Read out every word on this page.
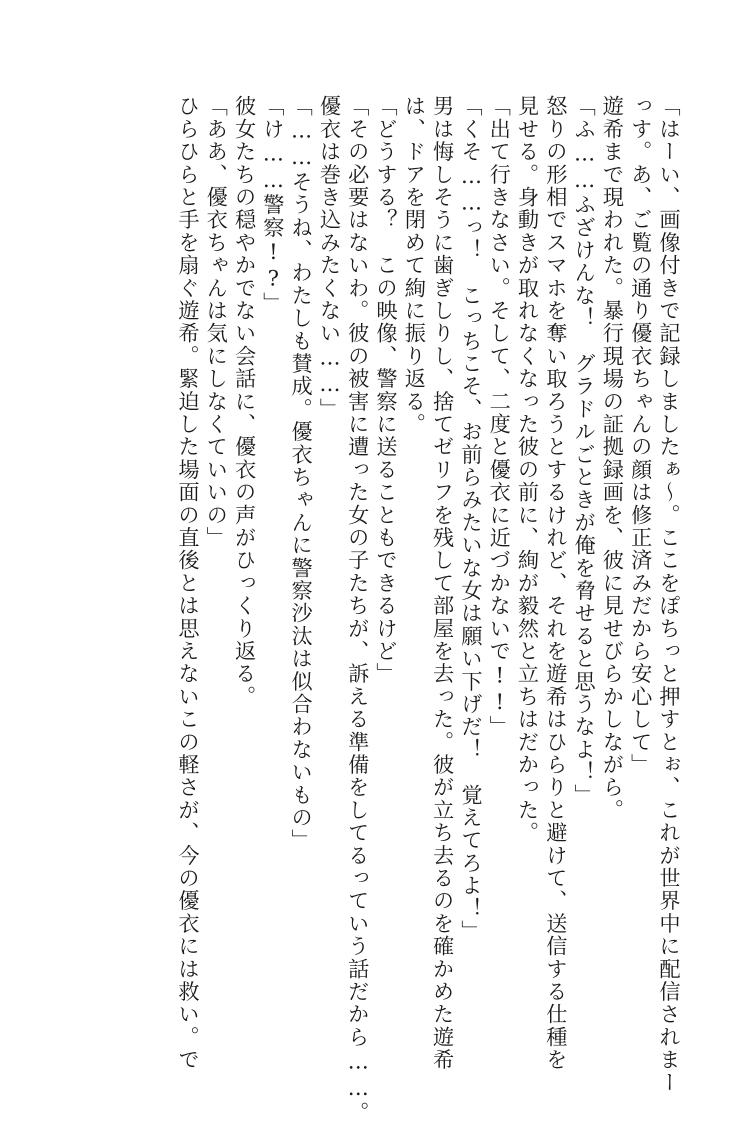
「はーい、画像付きで記録しましたぁ〜。ここをぽちっと押すとぉ、これが世界中に配信されまー
っす。あ、ご覧の通り優衣ちゃんの顔は修正済みだから安心して」
遊希まで現われた。暴行現場の証拠録画を、彼に見せびらかしながら。
「ふ……ふざけんな！　グラドルごときが俺を脅せると思うなよ！」
怒りの形相でスマホを奪い取ろうとするけれど、それを遊希はひらりと避けて、送信する仕種を
見せる。身動きが取れなくなった彼の前に、絢が毅然と立ちはだかった。
「出て行きなさい。そして、二度と優衣に近づかないで!!」
「くそ……っ！　こっちこそ、お前らみたいな女は願い下げだ！　覚えてろよ！」
男は悔しそうに歯ぎしりし、捨てゼリフを残して部屋を去った。彼が立ち去るのを確かめた遊希
は、ドアを閉めて絢に振り返る。
「どうする？　この映像、警察に送ることもできるけど」
「その必要はないわ。彼の被害に遭った女の子たちが、訴える準備をしてるっていう話だから……。
優衣は巻き込みたくない……」
「……そうね、わたしも賛成。優衣ちゃんに警察沙汰は似合わないもの」
「け……警察!?」
彼女たちの穏やかでない会話に、優衣の声がひっくり返る。
「ああ、優衣ちゃんは気にしなくていいの」
ひらひらと手を扇ぐ遊希。緊迫した場面の直後とは思えないこの軽さが、今の優衣には救い。で
